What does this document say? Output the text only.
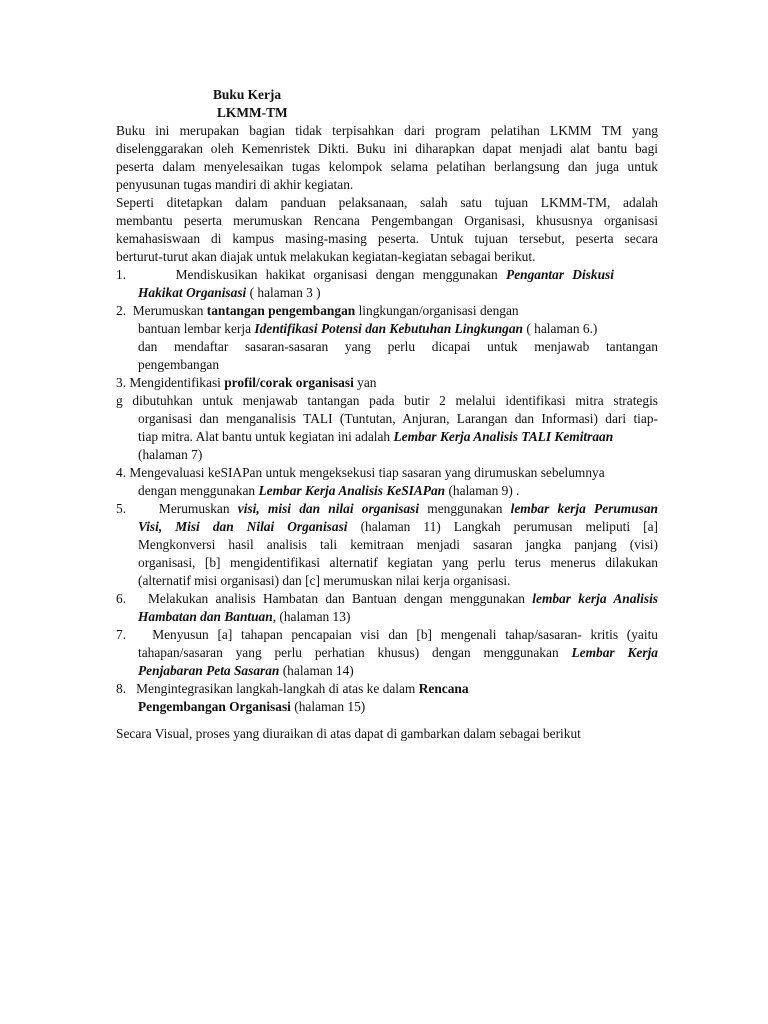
Buku Kerja
LKMM-TM
Buku ini merupakan bagian tidak terpisahkan dari program pelatihan LKMM TM yang
diselenggarakan oleh Kemenristek Dikti. Buku ini diharapkan dapat menjadi alat bantu bagi
peserta dalam menyelesaikan tugas kelompok selama pelatihan berlangsung dan juga untuk
penyusunan tugas mandiri di akhir kegiatan.
Seperti ditetapkan dalam panduan pelaksanaan, salah satu tujuan LKMM-TM, adalah
membantu peserta merumuskan Rencana Pengembangan Organisasi, khususnya organisasi
kemahasiswaan di kampus masing-masing peserta. Untuk tujuan tersebut, peserta secara
berturut-turut akan diajak untuk melakukan kegiatan-kegiatan sebagai berikut.
1.	Mendiskusikan hakikat organisasi dengan menggunakan Pengantar Diskusi
Hakikat Organisasi ( halaman 3 )
2. Merumuskan tantangan pengembangan lingkungan/organisasi dengan
bantuan lembar kerja Identifikasi Potensi dan Kebutuhan Lingkungan ( halaman 6.)
dan mendaftar sasaran-sasaran yang perlu dicapai untuk menjawab tantangan
pengembangan
3. Mengidentifikasi profil/corak organisasi yan
g dibutuhkan untuk menjawab tantangan pada butir 2 melalui identifikasi mitra strategis
organisasi dan menganalisis TALI (Tuntutan, Anjuran, Larangan dan Informasi) dari tiap-
tiap mitra. Alat bantu untuk kegiatan ini adalah Lembar Kerja Analisis TALI Kemitraan
(halaman 7)
4. Mengevaluasi keSIAPan untuk mengeksekusi tiap sasaran yang dirumuskan sebelumnya
dengan menggunakan Lembar Kerja Analisis KeSIAPan (halaman 9) .
5. Merumuskan visi, misi dan nilai organisasi menggunakan lembar kerja Perumusan
Visi, Misi dan Nilai Organisasi (halaman 11) Langkah perumusan meliputi [a]
Mengkonversi hasil analisis tali kemitraan menjadi sasaran jangka panjang (visi)
organisasi, [b] mengidentifikasi alternatif kegiatan yang perlu terus menerus dilakukan
(alternatif misi organisasi) dan [c] merumuskan nilai kerja organisasi.
6. Melakukan analisis Hambatan dan Bantuan dengan menggunakan lembar kerja Analisis
Hambatan dan Bantuan, (halaman 13)
7. Menyusun [a] tahapan pencapaian visi dan [b] mengenali tahap/sasaran- kritis (yaitu
tahapan/sasaran yang perlu perhatian khusus) dengan menggunakan Lembar Kerja
Penjabaran Peta Sasaran (halaman 14)
8. Mengintegrasikan langkah-langkah di atas ke dalam Rencana
Pengembangan Organisasi (halaman 15)
Secara Visual, proses yang diuraikan di atas dapat di gambarkan dalam sebagai berikut
